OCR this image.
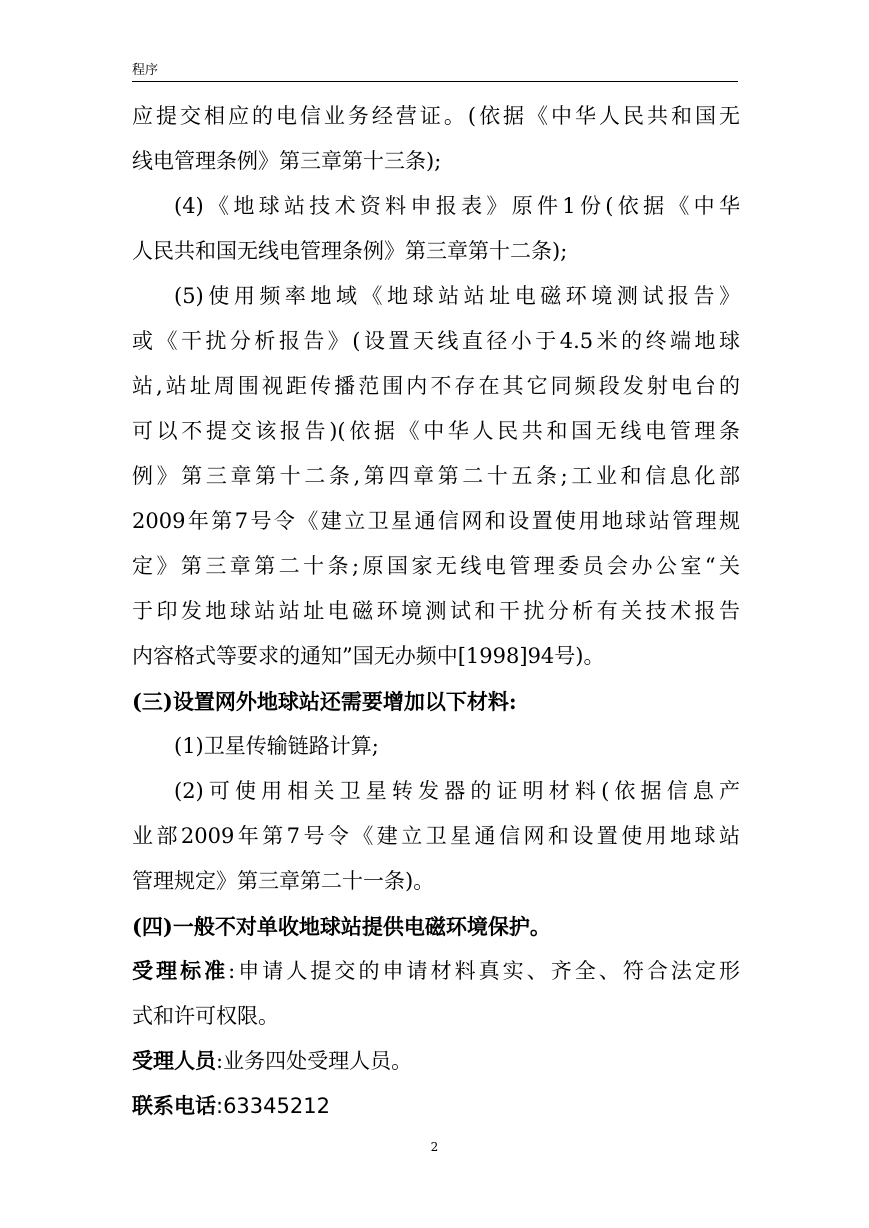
程序
应提交相应的电信业务经营证。(依据《中华人民共和国无
线电管理条例》第三章第十三条);
(4)《地球站技术资料申报表》原件1份(依据《中华
人民共和国无线电管理条例》第三章第十二条);
(5)使用频率地域《地球站站址电磁环境测试报告》
或《干扰分析报告》(设置天线直径小于4.5米的终端地球
站,站址周围视距传播范围内不存在其它同频段发射电台的
可以不提交该报告)(依据《中华人民共和国无线电管理条
例》第三章第十二条,第四章第二十五条;工业和信息化部
2009年第7号令《建立卫星通信网和设置使用地球站管理规
定》第三章第二十条;原国家无线电管理委员会办公室“关
于印发地球站站址电磁环境测试和干扰分析有关技术报告
内容格式等要求的通知”国无办频中[1998]94号)。
(三)设置网外地球站还需要增加以下材料:
(1)卫星传输链路计算;
(2)可使用相关卫星转发器的证明材料(依据信息产
业部2009年第7号令《建立卫星通信网和设置使用地球站
管理规定》第三章第二十一条)。
(四)一般不对单收地球站提供电磁环境保护。
受理标准:申请人提交的申请材料真实、齐全、符合法定形
式和许可权限。
受理人员:业务四处受理人员。
联系电话:63345212
2
